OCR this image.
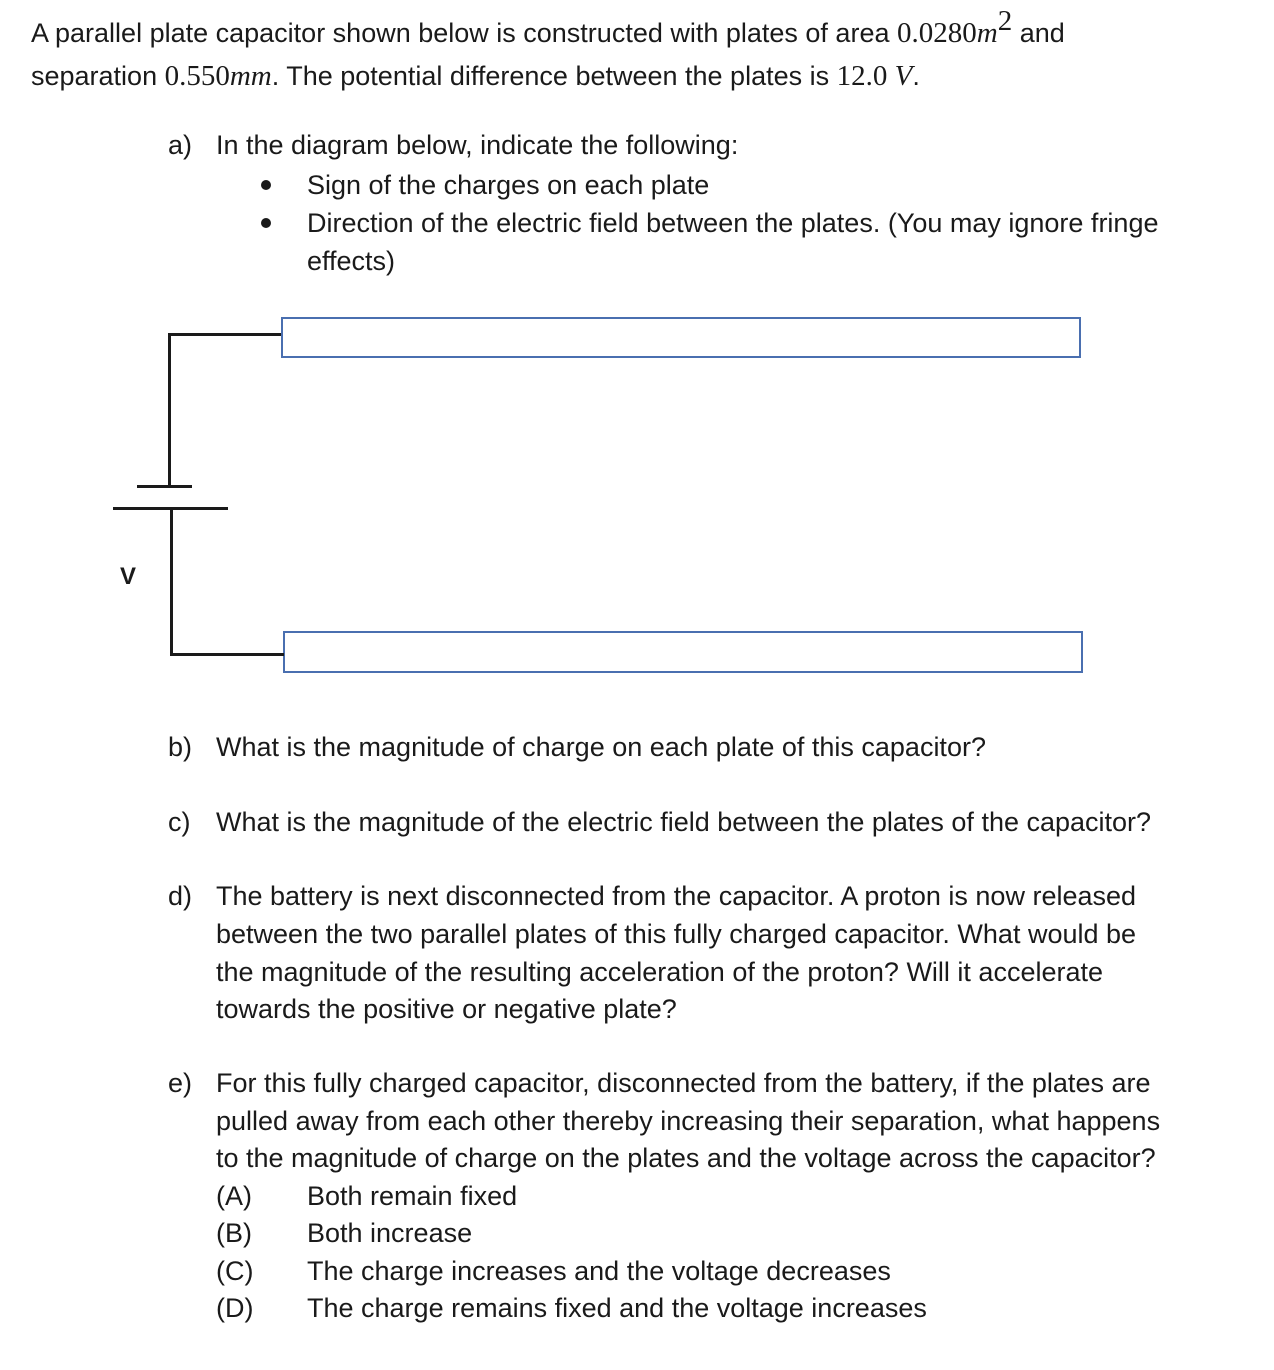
A parallel plate capacitor shown below is constructed with plates of area $0.0280m^2$ and
separation 0.550mm. The potential difference between the plates is 12.0 V.
a) In the diagram below, indicate the following:
Sign of the charges on each plate
Direction of the electric field between the plates. (You may ignore fringe
effects)
V
b) What is the magnitude of charge on each plate of this capacitor?
c) What is the magnitude of the electric field between the plates of the capacitor?
d) The battery is next disconnected from the capacitor. A proton is now released
between the two parallel plates of this fully charged capacitor. What would be
the magnitude of the resulting acceleration of the proton? Will it accelerate
towards the positive or negative plate?
e) For this fully charged capacitor, disconnected from the battery, if the plates are
pulled away from each other thereby increasing their separation, what happens
to the magnitude of charge on the plates and the voltage across the capacitor?
(A) Both remain fixed
(B) Both increase
(C) The charge increases and the voltage decreases
(D) The charge remains fixed and the voltage increases
